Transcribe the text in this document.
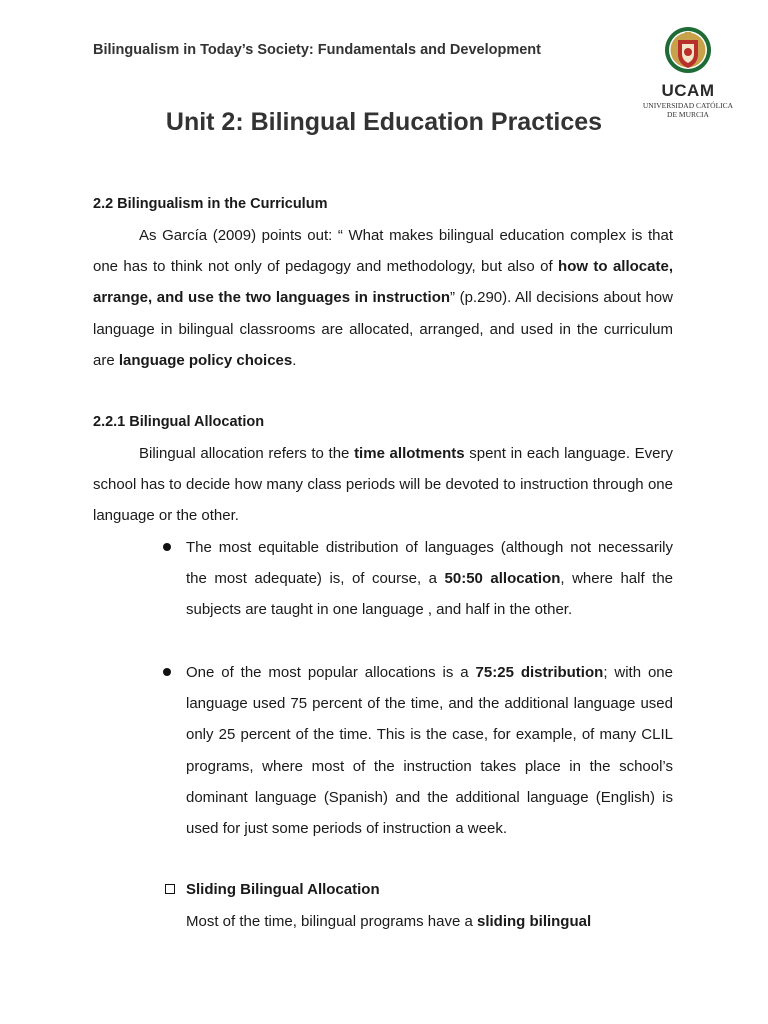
Bilingualism in Today’s Society: Fundamentals and Development
UCAM
UNIVERSIDAD CATÓLICA
DE MURCIA
Unit 2: Bilingual Education Practices
2.2 Bilingualism in the Curriculum
As García (2009) points out: “ What makes bilingual education complex is that one has to think not only of pedagogy and methodology, but also of how to allocate, arrange, and use the two languages in instruction” (p.290). All decisions about how language in bilingual classrooms are allocated, arranged, and used in the curriculum are language policy choices.
2.2.1 Bilingual Allocation
Bilingual allocation refers to the time allotments spent in each language. Every school has to decide how many class periods will be devoted to instruction through one language or the other.
The most equitable distribution of languages (although not necessarily the most adequate) is, of course, a 50:50 allocation, where half the subjects are taught in one language , and half in the other.
One of the most popular allocations is a 75:25 distribution; with one language used 75 percent of the time, and the additional language used only 25 percent of the time. This is the case, for example, of many CLIL programs, where most of the instruction takes place in the school’s dominant language (Spanish) and the additional language (English) is used for just some periods of instruction a week.
Sliding Bilingual Allocation
Most of the time, bilingual programs have a sliding bilingual
